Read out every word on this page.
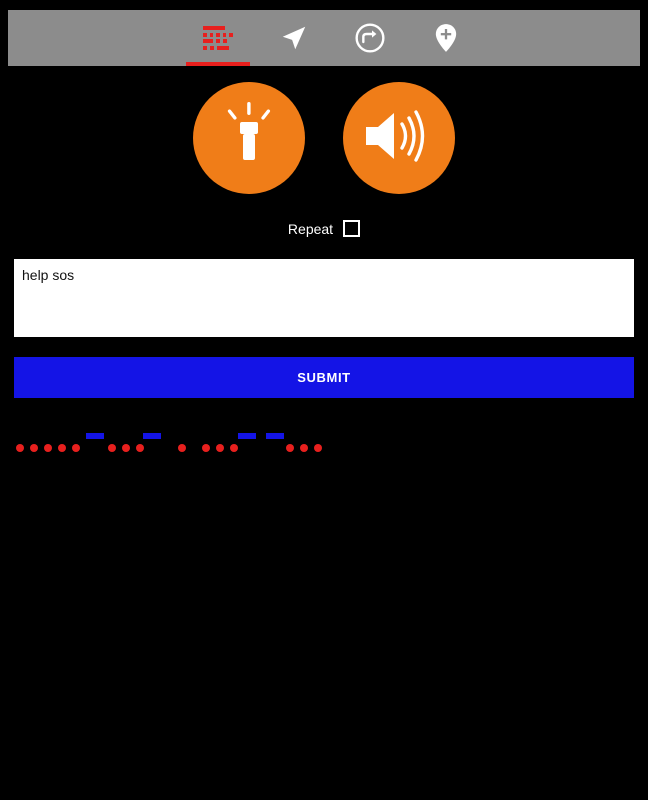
Repeat
help sos
SUBMIT
